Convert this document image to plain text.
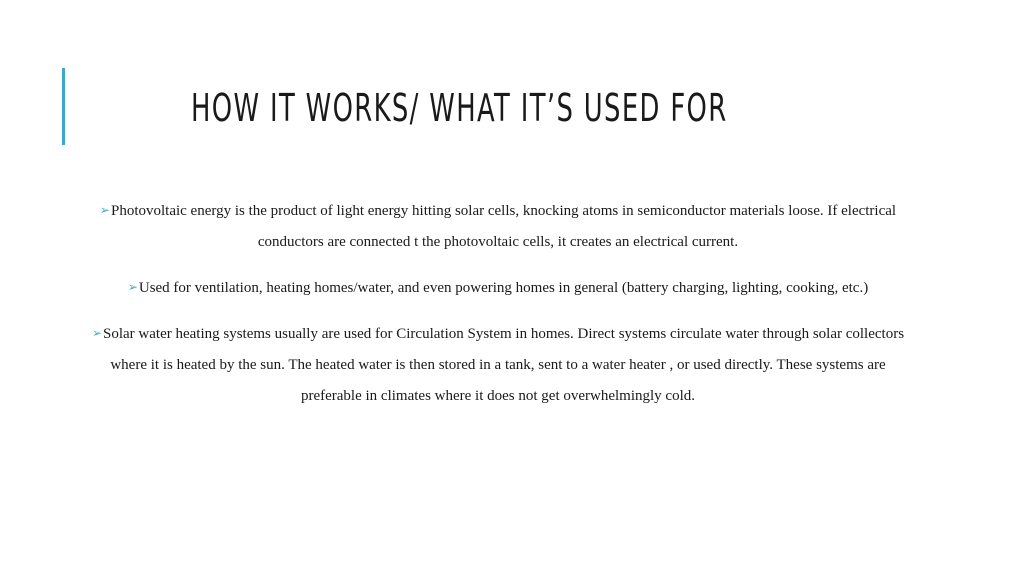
HOW IT WORKS/ WHAT IT’S USED FOR

➢Photovoltaic energy is the product of light energy hitting solar cells, knocking atoms in semiconductor materials loose. If electrical conductors are connected t the photovoltaic cells, it creates an electrical current.

➢Used for ventilation, heating homes/water, and even powering homes in general (battery charging, lighting, cooking, etc.)

➢Solar water heating systems usually are used for Circulation System in homes. Direct systems circulate water through solar collectors where it is heated by the sun. The heated water is then stored in a tank, sent to a water heater , or used directly. These systems are preferable in climates where it does not get overwhelmingly cold.
